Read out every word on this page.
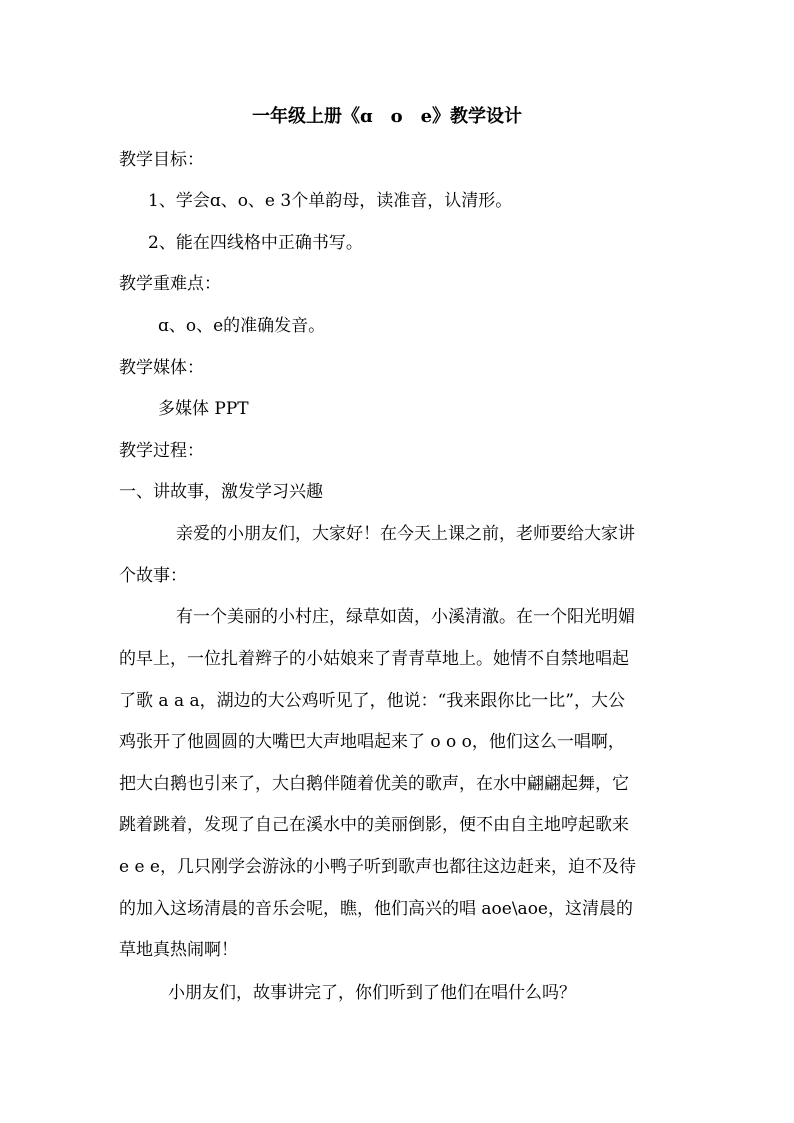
一年级上册《ɑ　o　e》教学设计
教学目标：
1、学会ɑ、o、e 3个单韵母，读准音，认清形。
2、能在四线格中正确书写。
教学重难点：
ɑ、o、e的准确发音。
教学媒体：
多媒体 PPT
教学过程：
一、讲故事，激发学习兴趣
亲爱的小朋友们，大家好！在今天上课之前，老师要给大家讲
个故事：
有一个美丽的小村庄，绿草如茵，小溪清澈。在一个阳光明媚
的早上，一位扎着辫子的小姑娘来了青青草地上。她情不自禁地唱起
了歌 a a a，湖边的大公鸡听见了，他说：“我来跟你比一比”，大公
鸡张开了他圆圆的大嘴巴大声地唱起来了 o o o，他们这么一唱啊，
把大白鹅也引来了，大白鹅伴随着优美的歌声，在水中翩翩起舞，它
跳着跳着，发现了自己在溪水中的美丽倒影，便不由自主地哼起歌来
e e e，几只刚学会游泳的小鸭子听到歌声也都往这边赶来，迫不及待
的加入这场清晨的音乐会呢，瞧，他们高兴的唱 aoe\aoe，这清晨的
草地真热闹啊！
小朋友们，故事讲完了，你们听到了他们在唱什么吗？
